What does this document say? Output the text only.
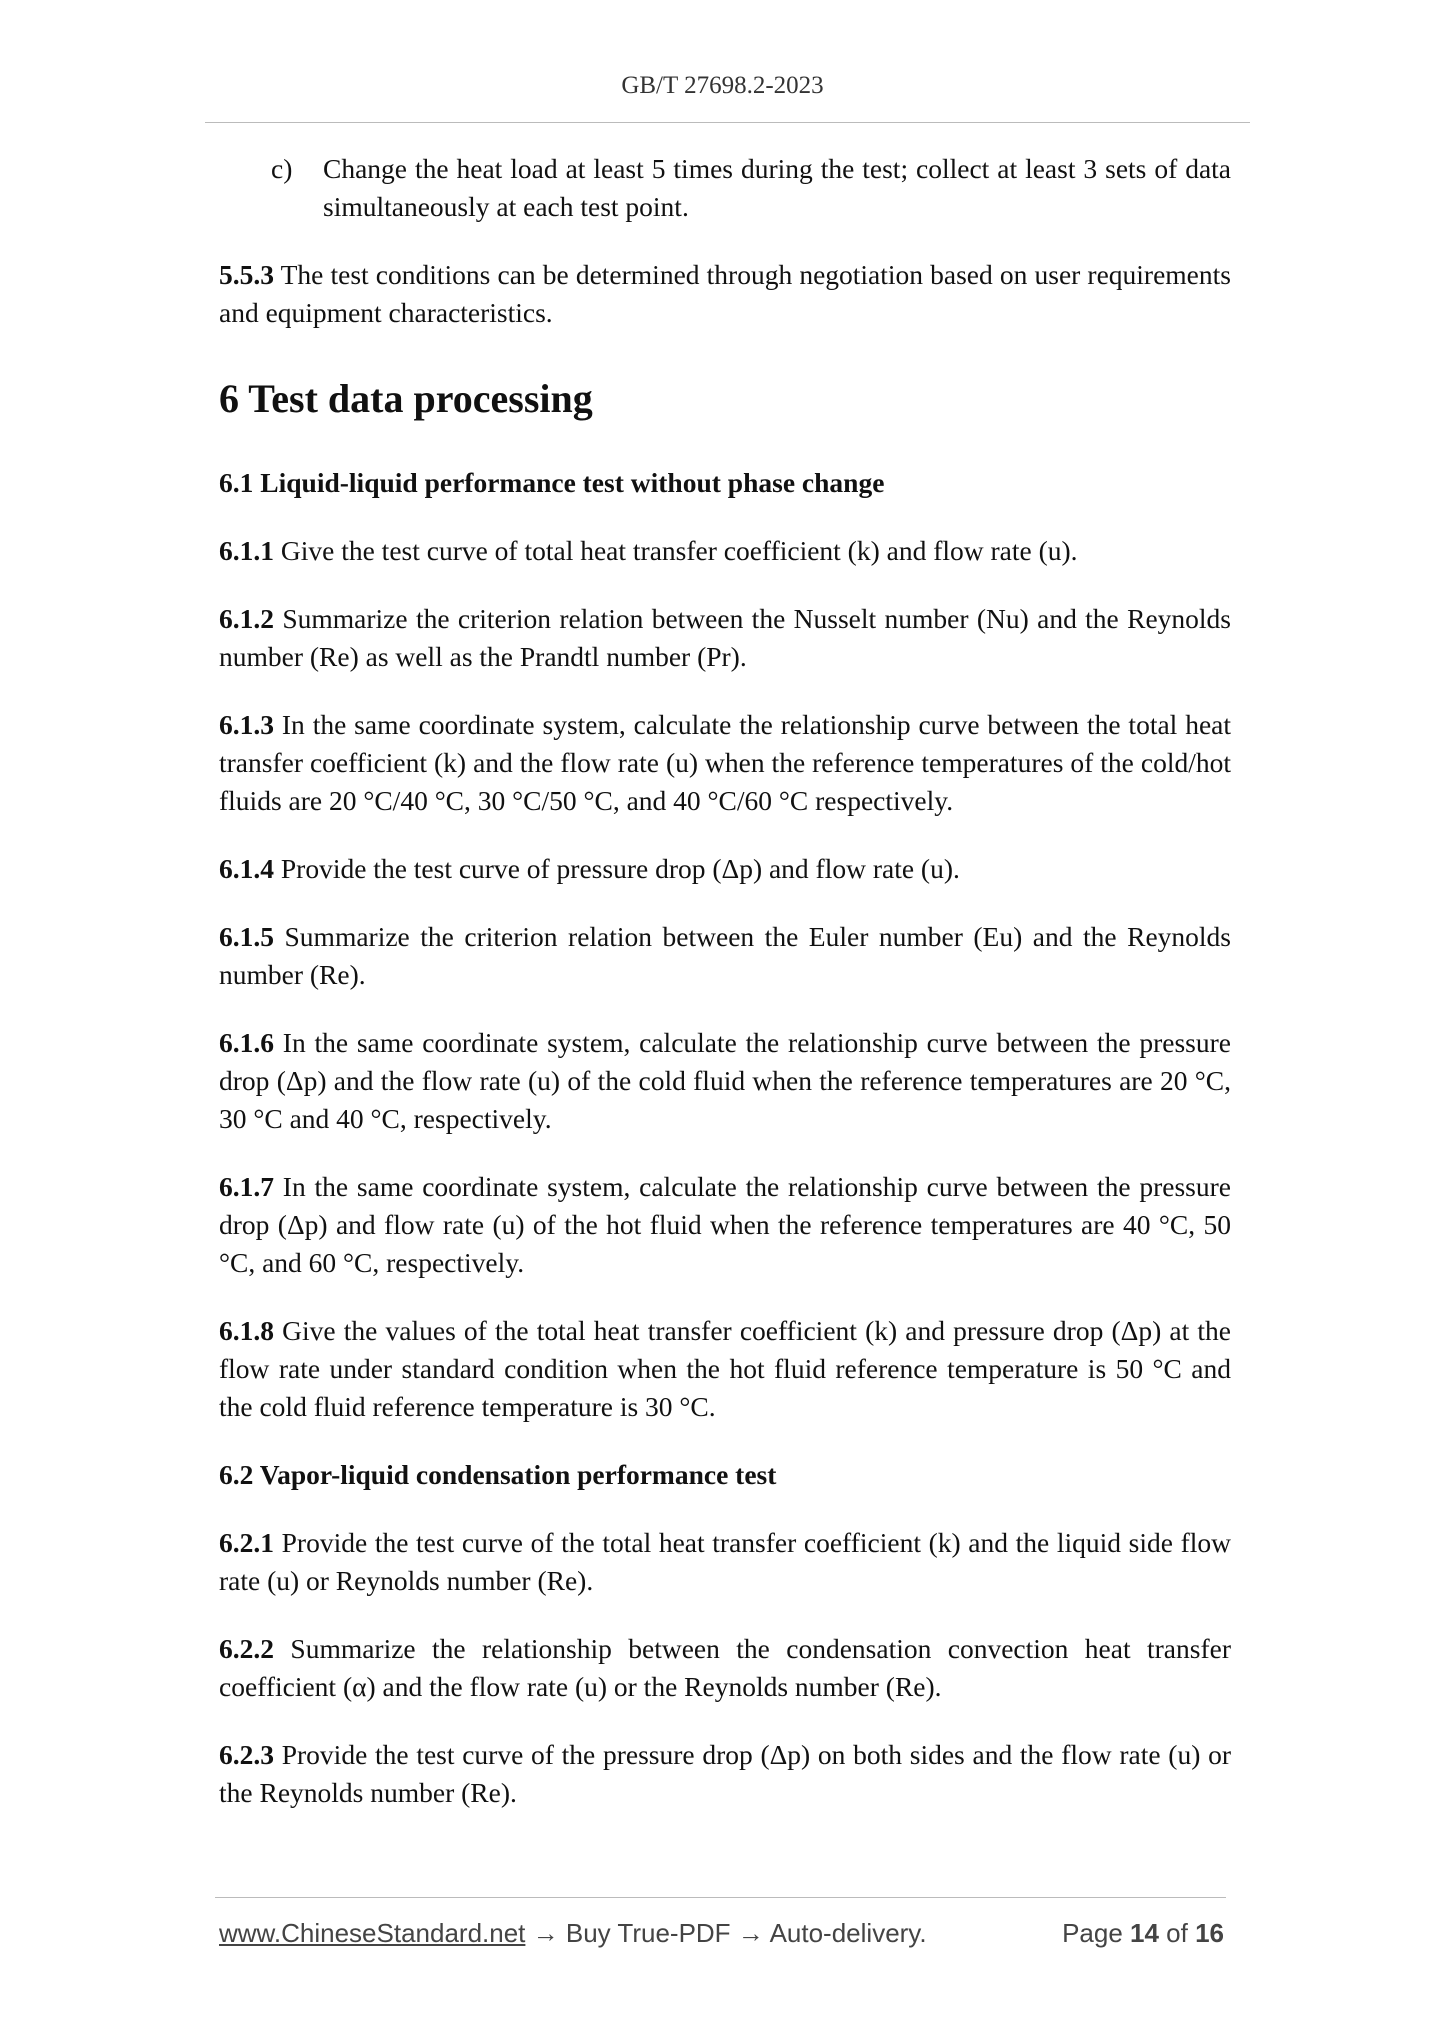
GB/T 27698.2-2023
c)	Change the heat load at least 5 times during the test; collect at least 3 sets of data simultaneously at each test point.

5.5.3 The test conditions can be determined through negotiation based on user requirements and equipment characteristics.

6 Test data processing
6.1 Liquid-liquid performance test without phase change

6.1.1 Give the test curve of total heat transfer coefficient (k) and flow rate (u).

6.1.2 Summarize the criterion relation between the Nusselt number (Nu) and the Reynolds number (Re) as well as the Prandtl number (Pr).

6.1.3 In the same coordinate system, calculate the relationship curve between the total heat transfer coefficient (k) and the flow rate (u) when the reference temperatures of the cold/hot fluids are 20 °C/40 °C, 30 °C/50 °C, and 40 °C/60 °C respectively.

6.1.4 Provide the test curve of pressure drop (Δp) and flow rate (u).

6.1.5 Summarize the criterion relation between the Euler number (Eu) and the Reynolds number (Re).

6.1.6 In the same coordinate system, calculate the relationship curve between the pressure drop (Δp) and the flow rate (u) of the cold fluid when the reference temperatures are 20 °C, 30 °C and 40 °C, respectively.

6.1.7 In the same coordinate system, calculate the relationship curve between the pressure drop (Δp) and flow rate (u) of the hot fluid when the reference temperatures are 40 °C, 50 °C, and 60 °C, respectively.

6.1.8 Give the values of the total heat transfer coefficient (k) and pressure drop (Δp) at the flow rate under standard condition when the hot fluid reference temperature is 50 °C and the cold fluid reference temperature is 30 °C.

6.2 Vapor-liquid condensation performance test

6.2.1 Provide the test curve of the total heat transfer coefficient (k) and the liquid side flow rate (u) or Reynolds number (Re).

6.2.2 Summarize the relationship between the condensation convection heat transfer coefficient (α) and the flow rate (u) or the Reynolds number (Re).

6.2.3 Provide the test curve of the pressure drop (Δp) on both sides and the flow rate (u) or the Reynolds number (Re).

www.ChineseStandard.net → Buy True-PDF → Auto-delivery.	Page 14 of 16
